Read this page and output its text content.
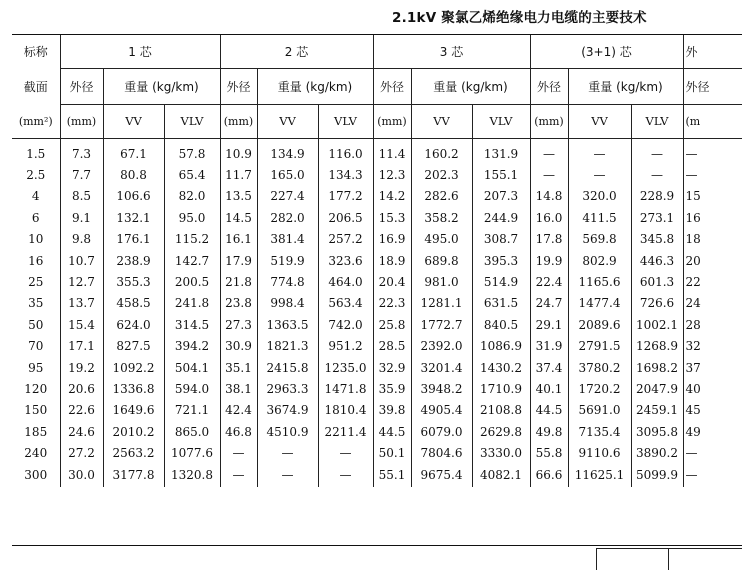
2.1kV 聚氯乙烯绝缘电力电缆的主要技术
标称	1 芯			2 芯			3 芯			(3+1) 芯			外
截面	外径	重量 (kg/km)		外径	重量 (kg/km)		外径	重量 (kg/km)		外径	重量 (kg/km)		外径
(mm²)	(mm)	VV	VLV	(mm)	VV	VLV	(mm)	VV	VLV	(mm)	VV	VLV	(m
1.5	7.3	67.1	57.8	10.9	134.9	116.0	11.4	160.2	131.9	—	—	—	—
2.5	7.7	80.8	65.4	11.7	165.0	134.3	12.3	202.3	155.1	—	—	—	—
4	8.5	106.6	82.0	13.5	227.4	177.2	14.2	282.6	207.3	14.8	320.0	228.9	15
6	9.1	132.1	95.0	14.5	282.0	206.5	15.3	358.2	244.9	16.0	411.5	273.1	16
10	9.8	176.1	115.2	16.1	381.4	257.2	16.9	495.0	308.7	17.8	569.8	345.8	18
16	10.7	238.9	142.7	17.9	519.9	323.6	18.9	689.8	395.3	19.9	802.9	446.3	20
25	12.7	355.3	200.5	21.8	774.8	464.0	20.4	981.0	514.9	22.4	1165.6	601.3	22
35	13.7	458.5	241.8	23.8	998.4	563.4	22.3	1281.1	631.5	24.7	1477.4	726.6	24
50	15.4	624.0	314.5	27.3	1363.5	742.0	25.8	1772.7	840.5	29.1	2089.6	1002.1	28
70	17.1	827.5	394.2	30.9	1821.3	951.2	28.5	2392.0	1086.9	31.9	2791.5	1268.9	32
95	19.2	1092.2	504.1	35.1	2415.8	1235.0	32.9	3201.4	1430.2	37.4	3780.2	1698.2	37
120	20.6	1336.8	594.0	38.1	2963.3	1471.8	35.9	3948.2	1710.9	40.1	1720.2	2047.9	40
150	22.6	1649.6	721.1	42.4	3674.9	1810.4	39.8	4905.4	2108.8	44.5	5691.0	2459.1	45
185	24.6	2010.2	865.0	46.8	4510.9	2211.4	44.5	6079.0	2629.8	49.8	7135.4	3095.8	49
240	27.2	2563.2	1077.6	—	—	—	50.1	7804.6	3330.0	55.8	9110.6	3890.2	—
300	30.0	3177.8	1320.8	—	—	—	55.1	9675.4	4082.1	66.6	11625.1	5099.9	—
